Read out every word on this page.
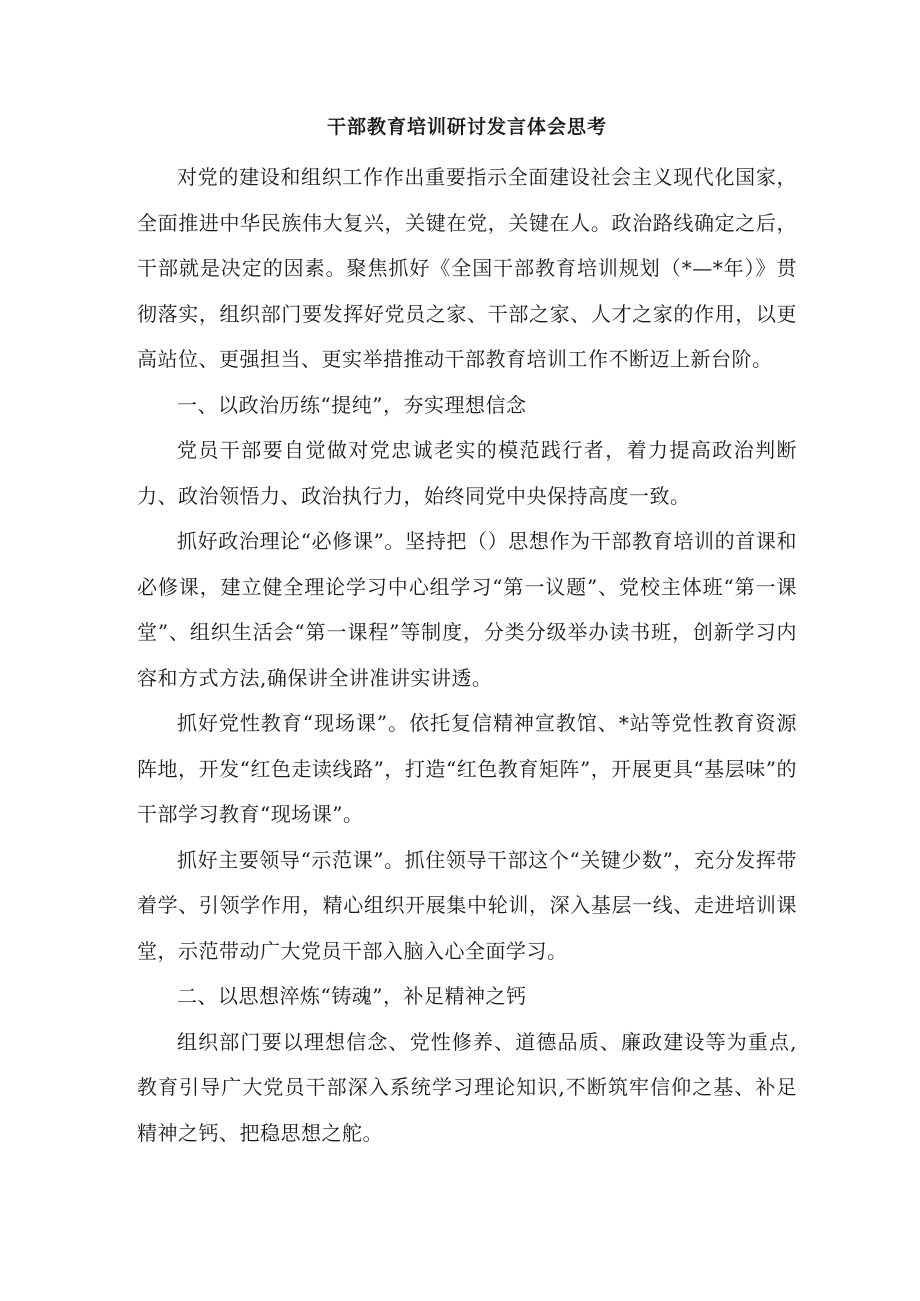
干部教育培训研讨发言体会思考

对党的建设和组织工作作出重要指示全面建设社会主义现代化国家，全面推进中华民族伟大复兴，关键在党，关键在人。政治路线确定之后，干部就是决定的因素。聚焦抓好《全国干部教育培训规划（*—*年）》贯彻落实，组织部门要发挥好党员之家、干部之家、人才之家的作用，以更高站位、更强担当、更实举措推动干部教育培训工作不断迈上新台阶。

一、以政治历练“提纯”，夯实理想信念

党员干部要自觉做对党忠诚老实的模范践行者，着力提高政治判断力、政治领悟力、政治执行力，始终同党中央保持高度一致。

抓好政治理论“必修课”。坚持把（）思想作为干部教育培训的首课和必修课，建立健全理论学习中心组学习“第一议题”、党校主体班“第一课堂”、组织生活会“第一课程”等制度，分类分级举办读书班，创新学习内容和方式方法,确保讲全讲准讲实讲透。

抓好党性教育“现场课”。依托复信精神宣教馆、*站等党性教育资源阵地，开发“红色走读线路”，打造“红色教育矩阵”，开展更具“基层味”的干部学习教育“现场课”。

抓好主要领导“示范课”。抓住领导干部这个“关键少数”，充分发挥带着学、引领学作用，精心组织开展集中轮训，深入基层一线、走进培训课堂，示范带动广大党员干部入脑入心全面学习。

二、以思想淬炼“铸魂”，补足精神之钙

组织部门要以理想信念、党性修养、道德品质、廉政建设等为重点,教育引导广大党员干部深入系统学习理论知识,不断筑牢信仰之基、补足精神之钙、把稳思想之舵。
